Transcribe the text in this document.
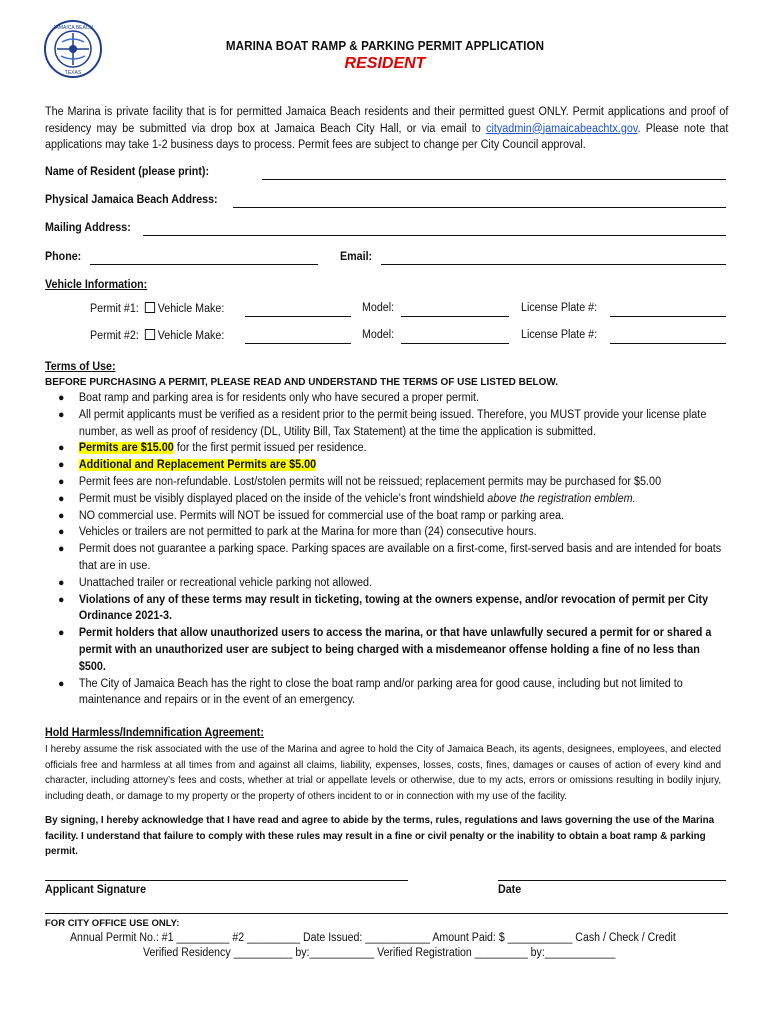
JAMAICA BEACH
TEXAS
MARINA BOAT RAMP & PARKING PERMIT APPLICATION
RESIDENT
The Marina is private facility that is for permitted Jamaica Beach residents and their permitted guest ONLY. Permit applications and proof of residency may be submitted via drop box at Jamaica Beach City Hall, or via email to cityadmin@jamaicabeachtx.gov. Please note that applications may take 1-2 business days to process. Permit fees are subject to change per City Council approval.
Name of Resident (please print):
Physical Jamaica Beach Address:
Mailing Address:
Phone:	Email:
Vehicle Information:
Permit #1: Vehicle Make:	Model:	License Plate #:
Permit #2: Vehicle Make:	Model:	License Plate #:
Terms of Use:
BEFORE PURCHASING A PERMIT, PLEASE READ AND UNDERSTAND THE TERMS OF USE LISTED BELOW.
● Boat ramp and parking area is for residents only who have secured a proper permit.
● All permit applicants must be verified as a resident prior to the permit being issued. Therefore, you MUST provide your license plate number, as well as proof of residency (DL, Utility Bill, Tax Statement) at the time the application is submitted.
● Permits are $15.00 for the first permit issued per residence.
● Additional and Replacement Permits are $5.00
● Permit fees are non-refundable. Lost/stolen permits will not be reissued; replacement permits may be purchased for $5.00
● Permit must be visibly displayed placed on the inside of the vehicle’s front windshield above the registration emblem.
● NO commercial use. Permits will NOT be issued for commercial use of the boat ramp or parking area.
● Vehicles or trailers are not permitted to park at the Marina for more than (24) consecutive hours.
● Permit does not guarantee a parking space. Parking spaces are available on a first-come, first-served basis and are intended for boats that are in use.
● Unattached trailer or recreational vehicle parking not allowed.
● Violations of any of these terms may result in ticketing, towing at the owners expense, and/or revocation of permit per City Ordinance 2021-3.
● Permit holders that allow unauthorized users to access the marina, or that have unlawfully secured a permit for or shared a permit with an unauthorized user are subject to being charged with a misdemeanor offense holding a fine of no less than $500.
● The City of Jamaica Beach has the right to close the boat ramp and/or parking area for good cause, including but not limited to maintenance and repairs or in the event of an emergency.
Hold Harmless/Indemnification Agreement:
I hereby assume the risk associated with the use of the Marina and agree to hold the City of Jamaica Beach, its agents, designees, employees, and elected officials free and harmless at all times from and against all claims, liability, expenses, losses, costs, fines, damages or causes of action of every kind and character, including attorney’s fees and costs, whether at trial or appellate levels or otherwise, due to my acts, errors or omissions resulting in bodily injury, including death, or damage to my property or the property of others incident to or in connection with my use of the facility.
By signing, I hereby acknowledge that I have read and agree to abide by the terms, rules, regulations and laws governing the use of the Marina facility. I understand that failure to comply with these rules may result in a fine or civil penalty or the inability to obtain a boat ramp & parking permit.
Applicant Signature	Date
FOR CITY OFFICE USE ONLY:
Annual Permit No.: #1 _________ #2 _________ Date Issued: ___________ Amount Paid: $ ___________ Cash / Check / Credit
Verified Residency __________ by:___________ Verified Registration _________ by:____________
